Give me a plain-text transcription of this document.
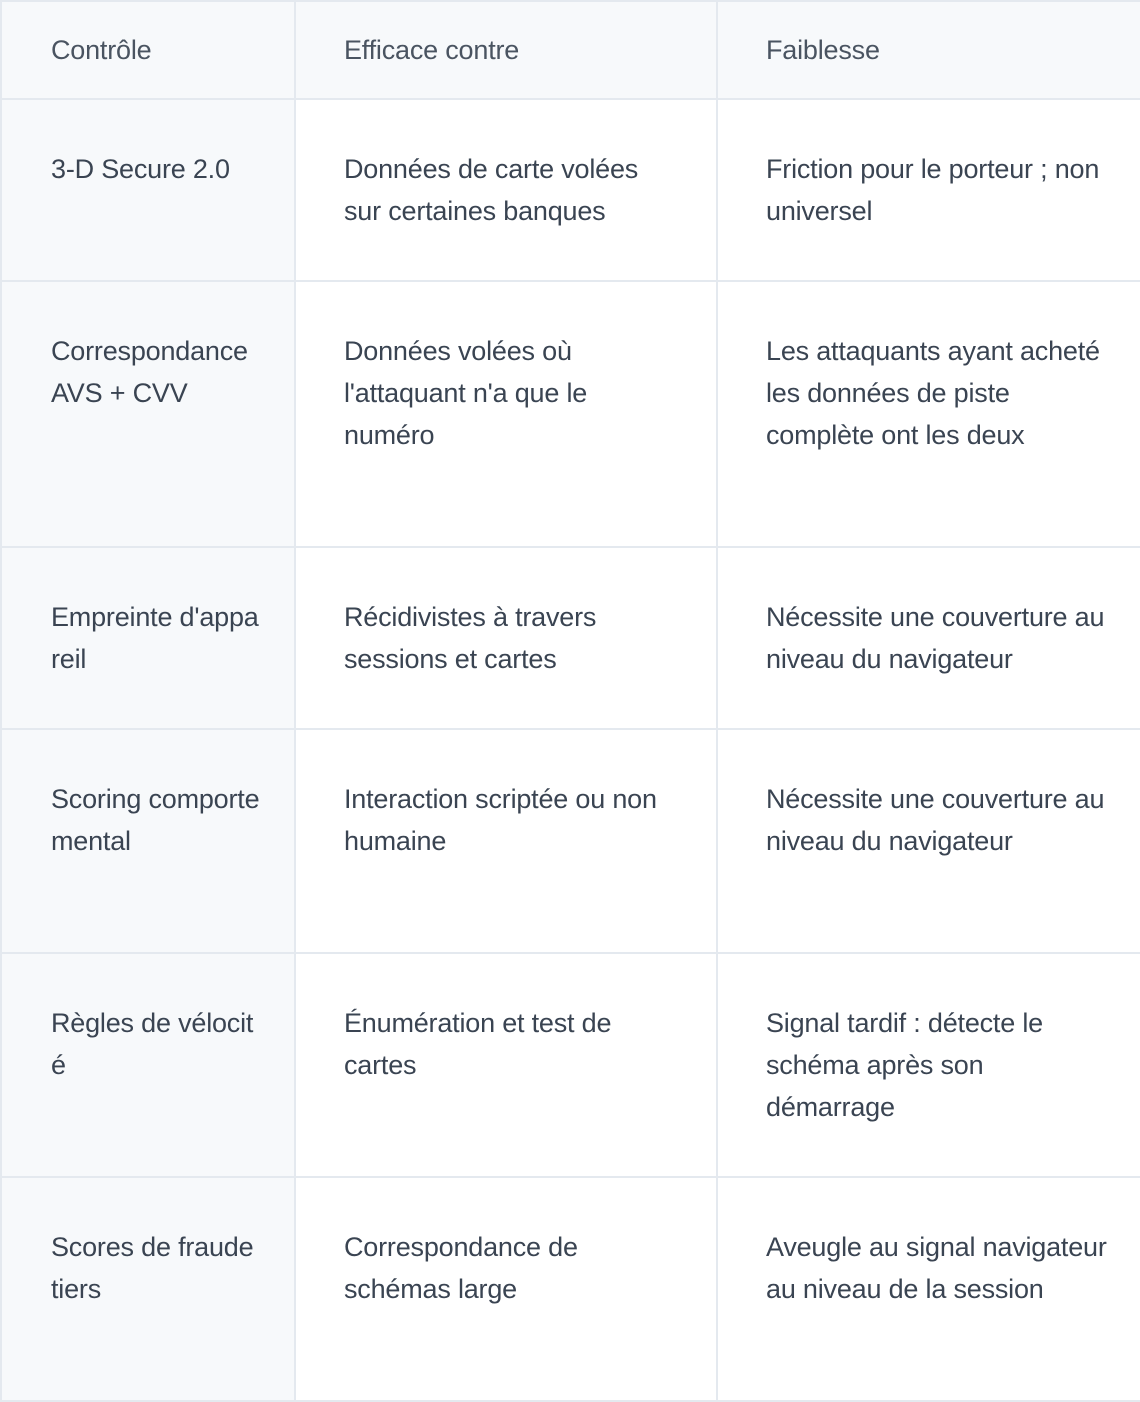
Contrôle	Efficace contre	Faiblesse
3-D Secure 2.0	Données de carte volées sur certaines banques	Friction pour le porteur ; non universel
Correspondance AVS + CVV	Données volées où l'attaquant n'a que le numéro	Les attaquants ayant acheté les données de piste complète ont les deux
Empreinte d'appareil	Récidivistes à travers sessions et cartes	Nécessite une couverture au niveau du navigateur
Scoring comportemental	Interaction scriptée ou non humaine	Nécessite une couverture au niveau du navigateur
Règles de vélocité	Énumération et test de cartes	Signal tardif : détecte le schéma après son démarrage
Scores de fraude tiers	Correspondance de schémas large	Aveugle au signal navigateur au niveau de la session
